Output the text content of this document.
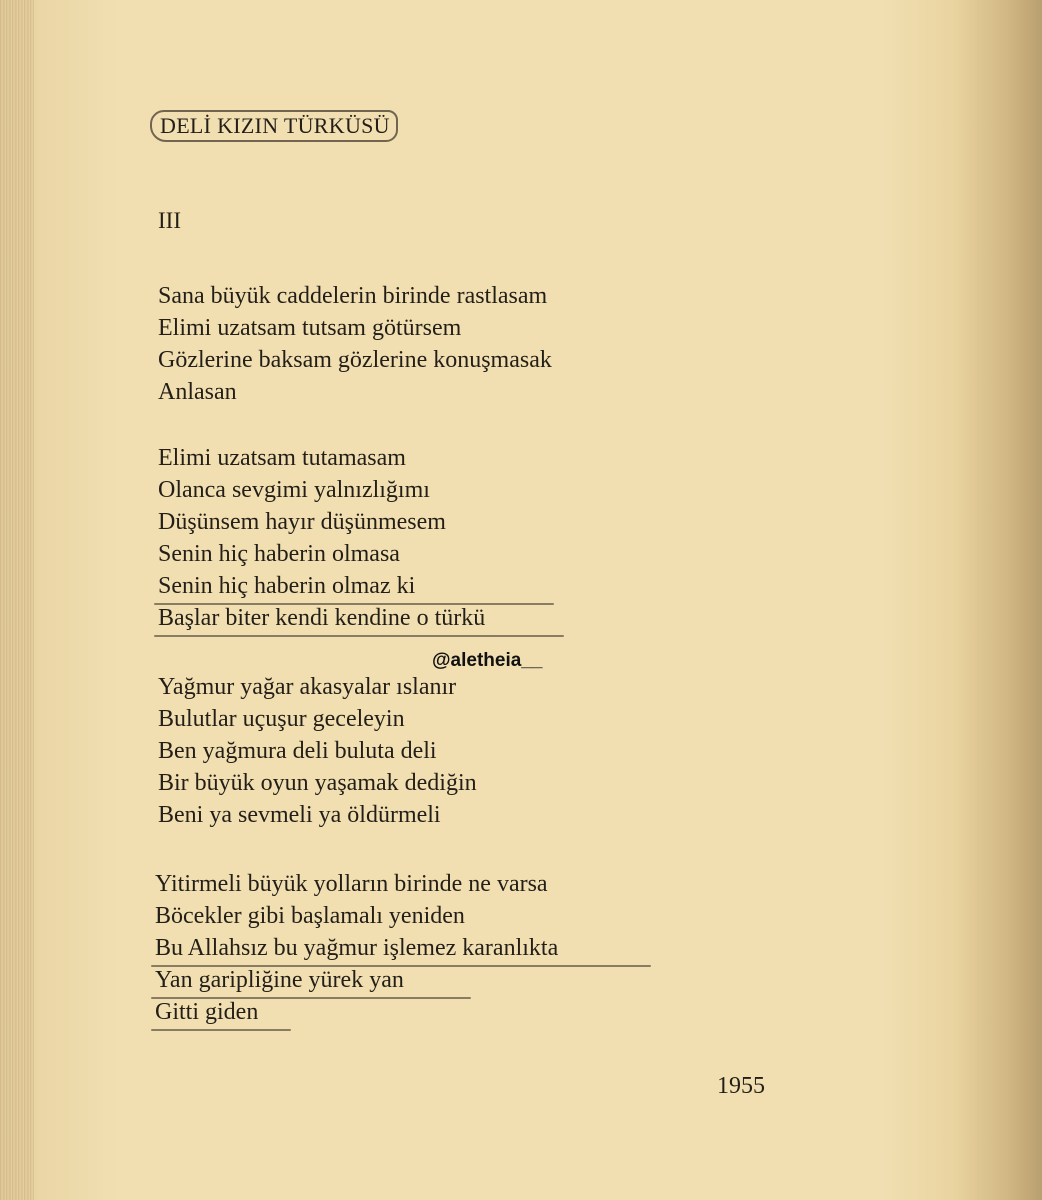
DELİ KIZIN TÜRKÜSÜ
III
Sana büyük caddelerin birinde rastlasam
Elimi uzatsam tutsam götürsem
Gözlerine baksam gözlerine konuşmasak
Anlasan
Elimi uzatsam tutamasam
Olanca sevgimi yalnızlığımı
Düşünsem hayır düşünmesem
Senin hiç haberin olmasa
Senin hiç haberin olmaz ki
Başlar biter kendi kendine o türkü
@aletheia__
Yağmur yağar akasyalar ıslanır
Bulutlar uçuşur geceleyin
Ben yağmura deli buluta deli
Bir büyük oyun yaşamak dediğin
Beni ya sevmeli ya öldürmeli
Yitirmeli büyük yolların birinde ne varsa
Böcekler gibi başlamalı yeniden
Bu Allahsız bu yağmur işlemez karanlıkta
Yan garipliğine yürek yan
Gitti giden
1955
